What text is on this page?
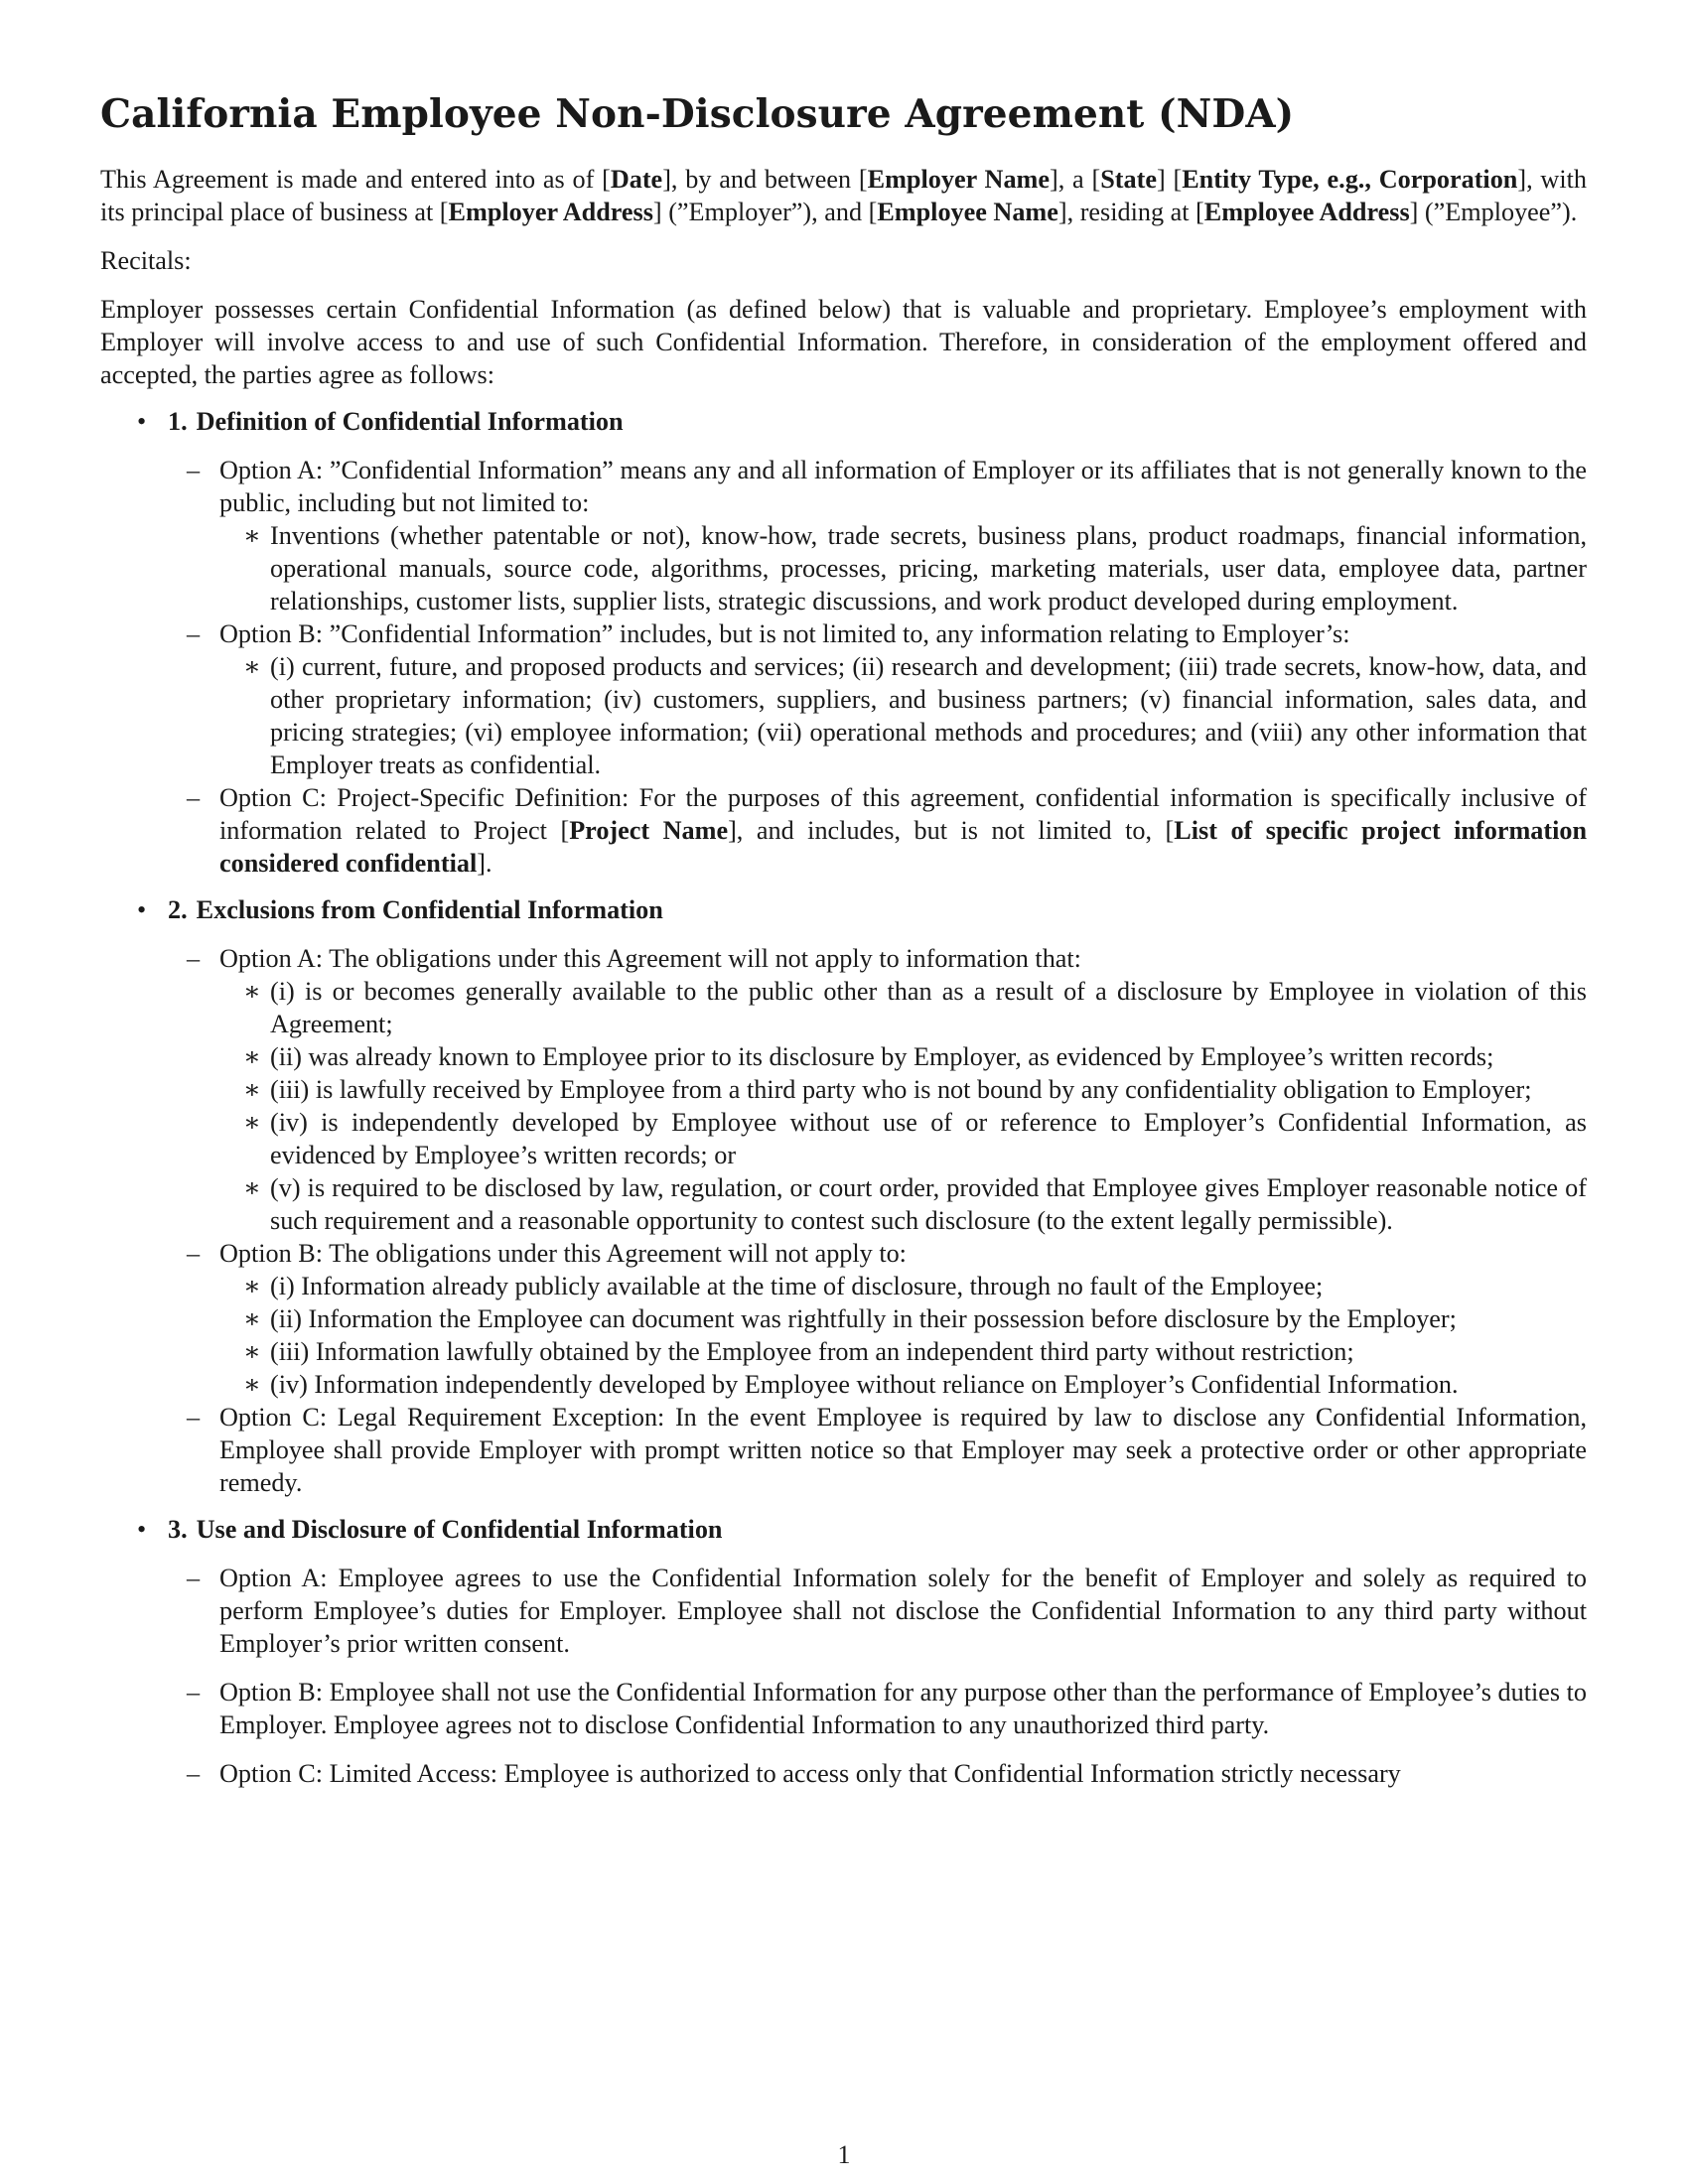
California Employee Non-Disclosure Agreement (NDA)

This Agreement is made and entered into as of [Date], by and between [Employer Name], a [State] [Entity Type, e.g., Corporation], with its principal place of business at [Employer Address] (”Employer”), and [Employee Name], residing at [Employee Address] (”Employee”).

Recitals:

Employer possesses certain Confidential Information (as defined below) that is valuable and proprietary. Employee’s employment with Employer will involve access to and use of such Confidential Information. Therefore, in consideration of the employment offered and accepted, the parties agree as follows:

• 1. Definition of Confidential Information
– Option A: ”Confidential Information” means any and all information of Employer or its affiliates that is not generally known to the public, including but not limited to:
∗ Inventions (whether patentable or not), know-how, trade secrets, business plans, product roadmaps, financial information, operational manuals, source code, algorithms, processes, pricing, marketing materials, user data, employee data, partner relationships, customer lists, supplier lists, strategic discussions, and work product developed during employment.
– Option B: ”Confidential Information” includes, but is not limited to, any information relating to Employer’s:
∗ (i) current, future, and proposed products and services; (ii) research and development; (iii) trade secrets, know-how, data, and other proprietary information; (iv) customers, suppliers, and business partners; (v) financial information, sales data, and pricing strategies; (vi) employee information; (vii) operational methods and procedures; and (viii) any other information that Employer treats as confidential.
– Option C: Project-Specific Definition: For the purposes of this agreement, confidential information is specifically inclusive of information related to Project [Project Name], and includes, but is not limited to, [List of specific project information considered confidential].
• 2. Exclusions from Confidential Information
– Option A: The obligations under this Agreement will not apply to information that:
∗ (i) is or becomes generally available to the public other than as a result of a disclosure by Employee in violation of this Agreement;
∗ (ii) was already known to Employee prior to its disclosure by Employer, as evidenced by Employee’s written records;
∗ (iii) is lawfully received by Employee from a third party who is not bound by any confidentiality obligation to Employer;
∗ (iv) is independently developed by Employee without use of or reference to Employer’s Confidential Information, as evidenced by Employee’s written records; or
∗ (v) is required to be disclosed by law, regulation, or court order, provided that Employee gives Employer reasonable notice of such requirement and a reasonable opportunity to contest such disclosure (to the extent legally permissible).
– Option B: The obligations under this Agreement will not apply to:
∗ (i) Information already publicly available at the time of disclosure, through no fault of the Employee;
∗ (ii) Information the Employee can document was rightfully in their possession before disclosure by the Employer;
∗ (iii) Information lawfully obtained by the Employee from an independent third party without restriction;
∗ (iv) Information independently developed by Employee without reliance on Employer’s Confidential Information.
– Option C: Legal Requirement Exception: In the event Employee is required by law to disclose any Confidential Information, Employee shall provide Employer with prompt written notice so that Employer may seek a protective order or other appropriate remedy.
• 3. Use and Disclosure of Confidential Information
– Option A: Employee agrees to use the Confidential Information solely for the benefit of Employer and solely as required to perform Employee’s duties for Employer. Employee shall not disclose the Confidential Information to any third party without Employer’s prior written consent.
– Option B: Employee shall not use the Confidential Information for any purpose other than the performance of Employee’s duties to Employer. Employee agrees not to disclose Confidential Information to any unauthorized third party.
– Option C: Limited Access: Employee is authorized to access only that Confidential Information strictly necessary
1
